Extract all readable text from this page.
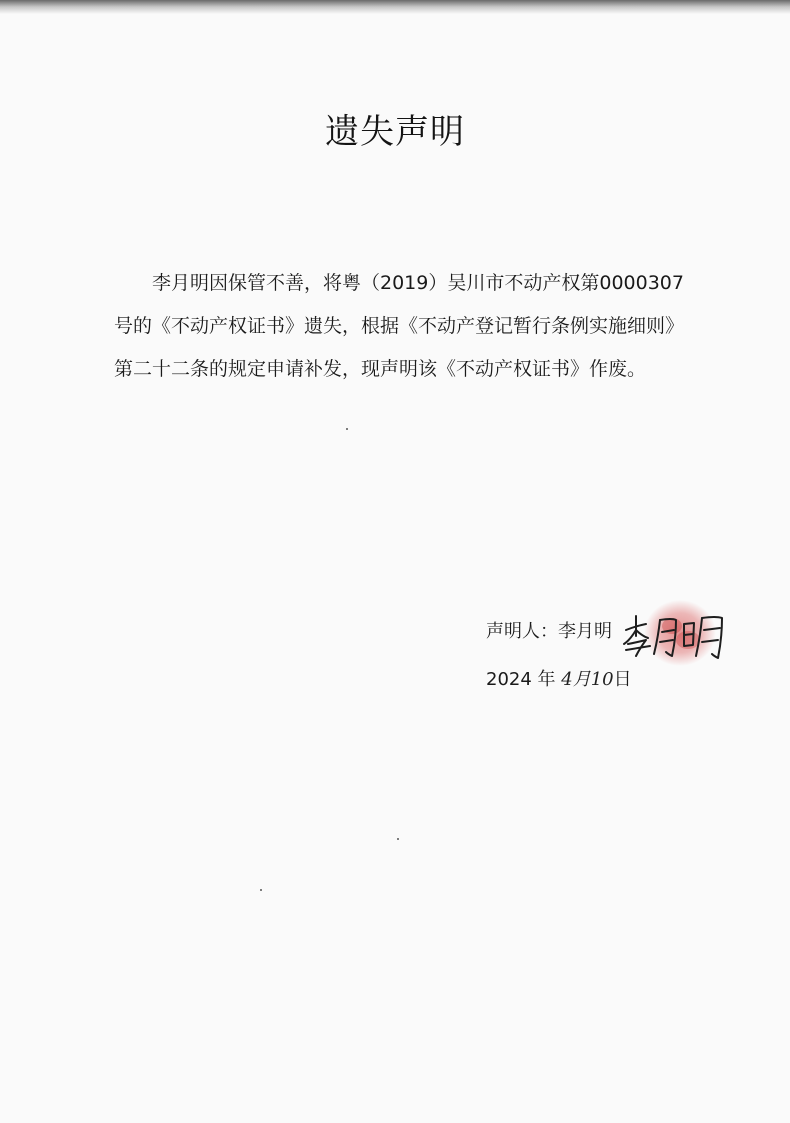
遗失声明

李月明因保管不善，将粤（2019）吴川市不动产权第0000307号的《不动产权证书》遗失，根据《不动产登记暂行条例实施细则》第二十二条的规定申请补发，现声明该《不动产权证书》作废。

声明人：李月明
2024 年 4月10日
